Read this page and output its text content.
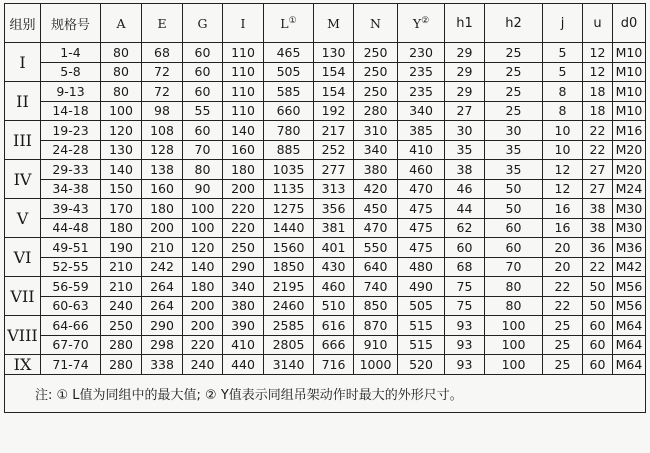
组别	规格号	A	E	G	I	L①	M	N	Y②	h1	h2	j	u	d0
I	1-4	80	68	60	110	465	130	250	230	29	25	5	12	M10
	5-8	80	72	60	110	505	154	250	235	29	25	5	12	M10
II	9-13	80	72	60	110	585	154	250	235	29	25	8	18	M10
	14-18	100	98	55	110	660	192	280	340	27	25	8	18	M10
III	19-23	120	108	60	140	780	217	310	385	30	30	10	22	M16
	24-28	130	128	70	160	885	252	340	410	35	35	10	22	M20
IV	29-33	140	138	80	180	1035	277	380	460	38	35	12	27	M20
	34-38	150	160	90	200	1135	313	420	470	46	50	12	27	M24
V	39-43	170	180	100	220	1275	356	450	475	44	50	16	38	M30
	44-48	180	200	100	220	1440	381	470	475	62	60	16	38	M30
VI	49-51	190	210	120	250	1560	401	550	475	60	60	20	36	M36
	52-55	210	242	140	290	1850	430	640	480	68	70	20	22	M42
VII	56-59	210	264	180	340	2195	460	740	490	75	80	22	50	M56
	60-63	240	264	200	380	2460	510	850	505	75	80	22	50	M56
VIII	64-66	250	290	200	390	2585	616	870	515	93	100	25	60	M64
	67-70	280	298	220	410	2805	666	910	515	93	100	25	60	M64
IX	71-74	280	338	240	440	3140	716	1000	520	93	100	25	60	M64
注: ① L值为同组中的最大值; ② Y值表示同组吊架动作时最大的外形尺寸。														
